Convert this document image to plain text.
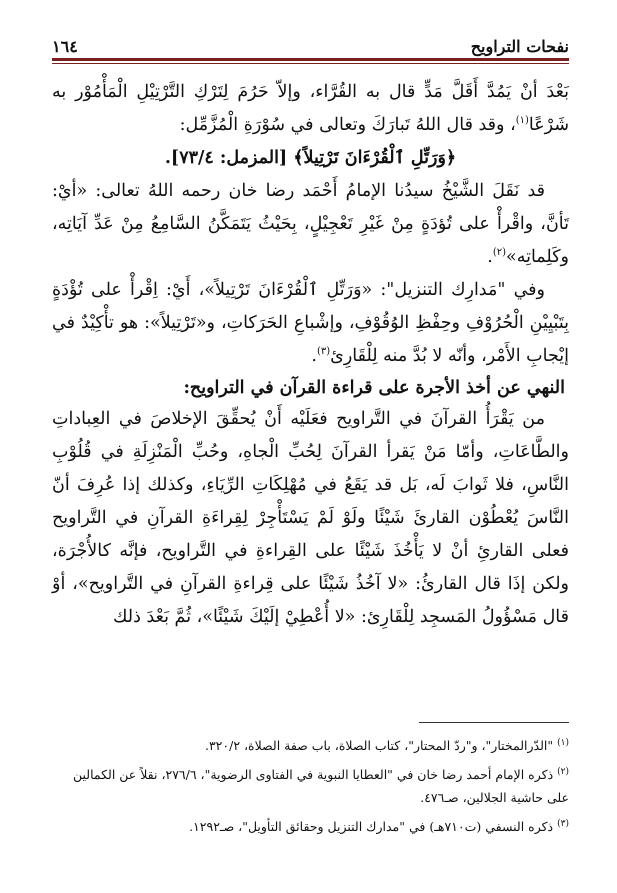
نفحات التراويح
١٦٤

بَعْدَ أنْ يَمُدَّ أَقَلَّ مَدٍّ قال به القُرَّاء، وإلاّ حَرُمَ لِتَرْكِ التَّرْتِيْلِ الْمَأْمُوْر به شَرْعًا$^{(١)}$، وقد قال اللهُ تَبارَكَ وتعالى في سُوْرَةِ الْمُزَّمِّل:

﴿وَرَتِّلِ ٱلْقُرْءَانَ تَرْتِيلاً﴾ [المزمل: ٧٣/٤].

قد نَقَلَ الشَّيْخُ سيدُنا الإمامُ أَحْمَد رضا خان رحمه اللهُ تعالى: «أيْ: تَأنَّ، واقْرأْ على تُؤدَةٍ مِنْ غَيْرِ تَعْجِيْلٍ، بِحَيْثُ يَتَمَكَّنُ السَّامِعُ مِنْ عَدِّ آيَاتِه، وكَلِماتِه»$^{(٢)}$.

وفي "مَدارِك التنزيل": «وَرَتِّلِ ٱلْقُرْءَانَ تَرْتِيلاً»، أَيْ: اِقْرأْ على تُؤْدَةٍ بِتَبْيِيْنِ الْحُرُوْفِ وحِفْظِ الوُقُوْفِ، وإشْباعِ الحَرَكاتِ، و«تَرْتِيلاً»: هو تأْكِيْدٌ في إيْجابِ الأَمْر، وأنّه لا بُدَّ منه لِلْقَارِئ$^{(٣)}$.

النهي عن أخذ الأجرة على قراءة القرآن في التراويح:

من يَقْرَأُ القرآنَ في التَّراويح فعَلَيْه أَنْ يُحقِّقَ الإخلاصَ في العِباداتِ والطَّاعَاتِ، وأمّا مَنْ يَقرأ القرآنَ لِحُبِّ الْجاهِ، وحُبِّ الْمَنْزِلَةِ في قُلُوْبِ النَّاسِ، فلا ثَوابَ لَه، بَل قد يَقَعُ في مُهْلِكَاتِ الرِّيَاءِ، وكذلك إذا عُرِفَ أنّ النَّاسَ يُعْطُوْن القارئَ شَيْئًا ولَوْ لَمْ يَسْتَأْجِرْ لِقِراءَةِ القرآنِ في التَّراويح فعلى القارئِ أنْ لا يَأْخُذَ شَيْئًا على القِراءةِ في التَّراويح، فإنَّه كالأُجْرَة، ولكن إذَا قال القارئُ: «لا آخُذُ شَيْئًا على قِراءةِ القرآنِ في التَّراويح»، أوْ قال مَسْؤُولُ المَسجِد لِلْقَارِئ: «لا أُعْطِيْ إلَيْكَ شَيْئًا»، ثُمَّ بَعْدَ ذلك

$^{(١)}$ "الدّرالمختار"، و"ردّ المحتار"، كتاب الصلاة، باب صفة الصلاة، ٣٢٠/٢.

$^{(٢)}$ ذكره الإمام أحمد رضا خان في "العطايا النبوية في الفتاوى الرضوية"، ٢٧٦/٦، نقلاً عن الكمالين على حاشية الجلالين، صـ٤٧٦.

$^{(٣)}$ ذكره النسفي (ت٧١٠هـ) في "مدارك التنزيل وحقائق التأويل"، صـ١٢٩٢.
